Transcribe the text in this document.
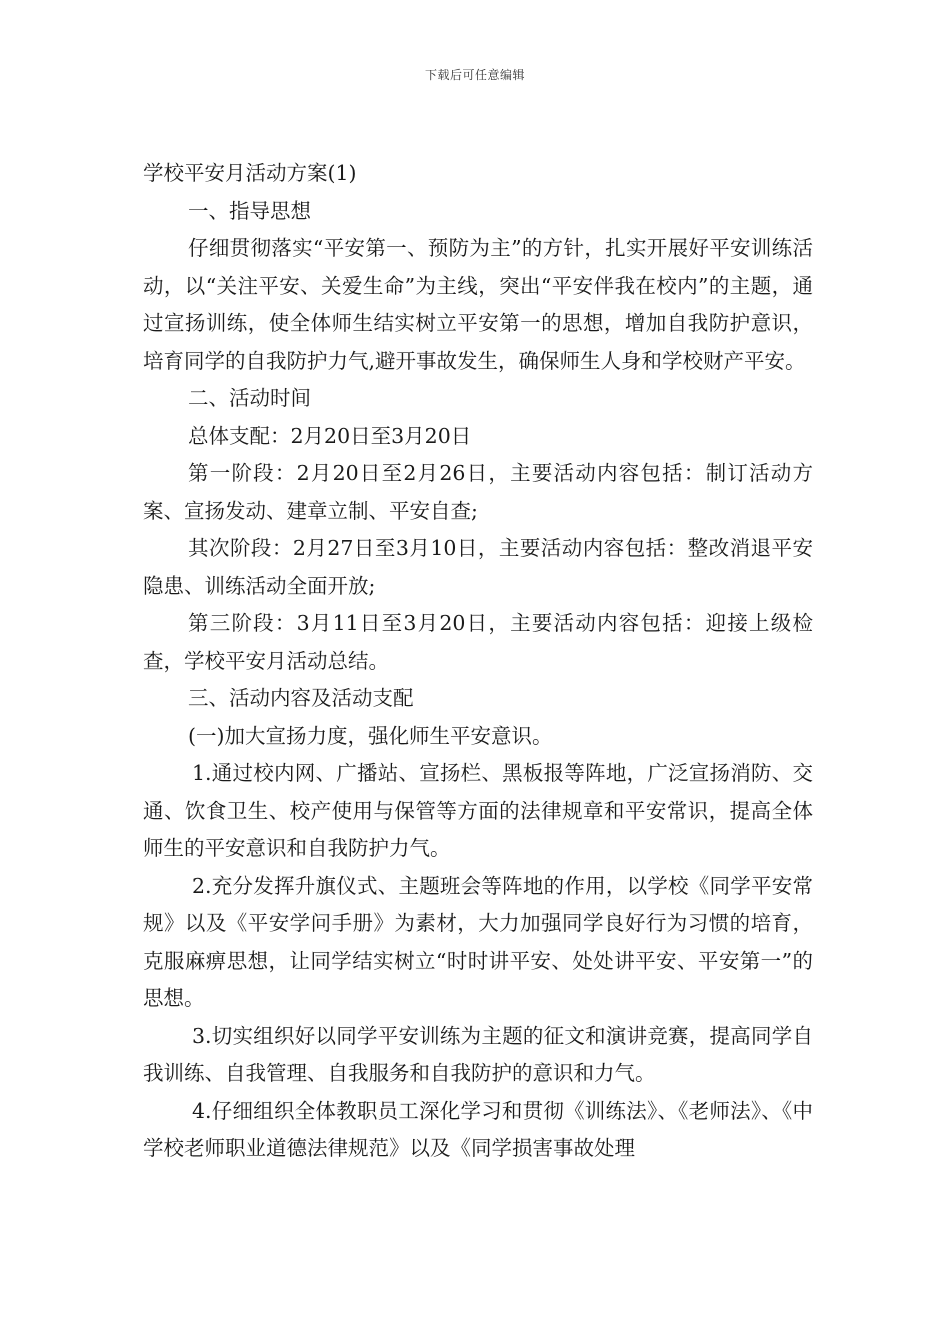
下载后可任意编辑

学校平安月活动方案(1)

一、指导思想

仔细贯彻落实“平安第一、预防为主”的方针，扎实开展好平安训练活动，以“关注平安、关爱生命”为主线，突出“平安伴我在校内”的主题，通过宣扬训练，使全体师生结实树立平安第一的思想，增加自我防护意识，培育同学的自我防护力气,避开事故发生，确保师生人身和学校财产平安。

二、活动时间

总体支配：2月20日至3月20日

第一阶段：2月20日至2月26日，主要活动内容包括：制订活动方案、宣扬发动、建章立制、平安自查;

其次阶段：2月27日至3月10日，主要活动内容包括：整改消退平安隐患、训练活动全面开放;

第三阶段：3月11日至3月20日，主要活动内容包括：迎接上级检查，学校平安月活动总结。

三、活动内容及活动支配

(一)加大宣扬力度，强化师生平安意识。

1.通过校内网、广播站、宣扬栏、黑板报等阵地，广泛宣扬消防、交通、饮食卫生、校产使用与保管等方面的法律规章和平安常识，提高全体师生的平安意识和自我防护力气。

2.充分发挥升旗仪式、主题班会等阵地的作用，以学校《同学平安常规》以及《平安学问手册》为素材，大力加强同学良好行为习惯的培育，克服麻痹思想，让同学结实树立“时时讲平安、处处讲平安、平安第一”的思想。

3.切实组织好以同学平安训练为主题的征文和演讲竞赛，提高同学自我训练、自我管理、自我服务和自我防护的意识和力气。

4.仔细组织全体教职员工深化学习和贯彻《训练法》、《老师法》、《中学校老师职业道德法律规范》以及《同学损害事故处理
